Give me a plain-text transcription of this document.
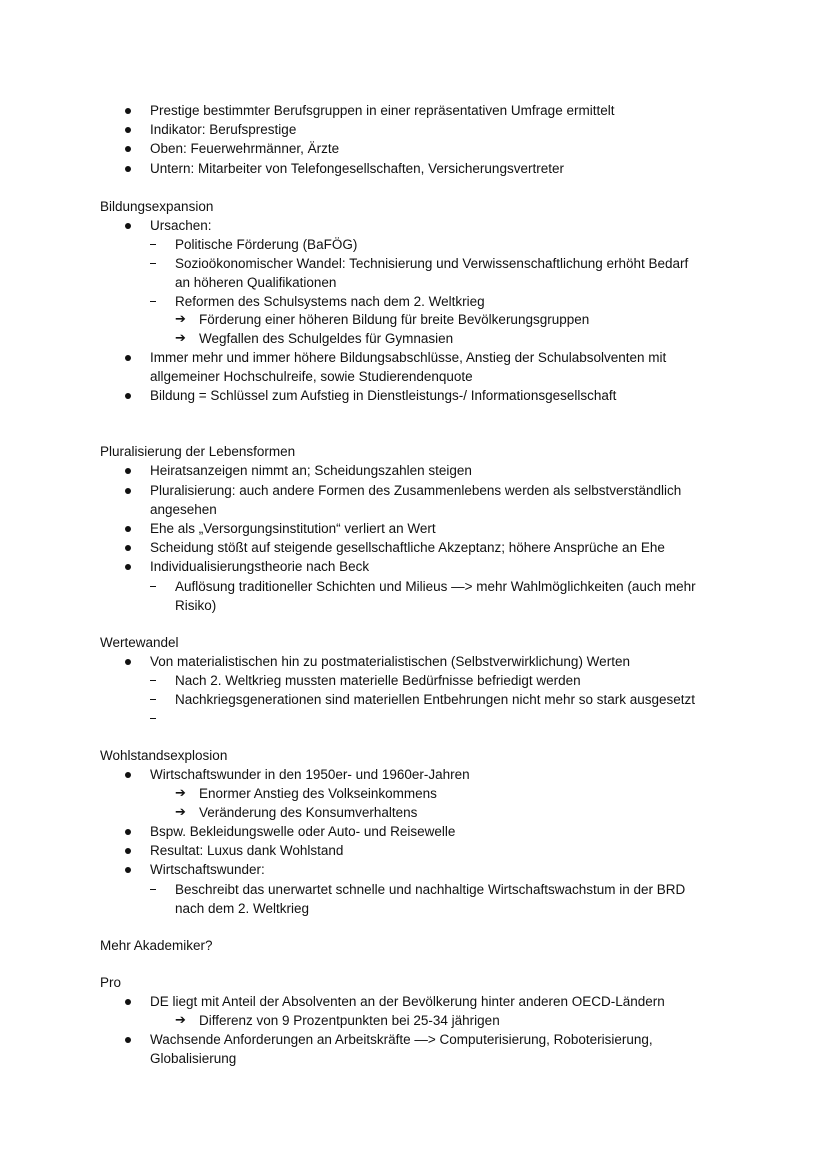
Prestige bestimmter Berufsgruppen in einer repräsentativen Umfrage ermittelt
Indikator: Berufsprestige
Oben: Feuerwehrmänner, Ärzte
Untern: Mitarbeiter von Telefongesellschaften, Versicherungsvertreter
Bildungsexpansion
Ursachen:
Politische Förderung (BaFÖG)
Sozioökonomischer Wandel: Technisierung und Verwissenschaftlichung erhöht Bedarf
an höheren Qualifikationen
Reformen des Schulsystems nach dem 2. Weltkrieg
➔ Förderung einer höheren Bildung für breite Bevölkerungsgruppen
➔ Wegfallen des Schulgeldes für Gymnasien
Immer mehr und immer höhere Bildungsabschlüsse, Anstieg der Schulabsolventen mit
allgemeiner Hochschulreife, sowie Studierendenquote
Bildung = Schlüssel zum Aufstieg in Dienstleistungs-/ Informationsgesellschaft
Pluralisierung der Lebensformen
Heiratsanzeigen nimmt an; Scheidungszahlen steigen
Pluralisierung: auch andere Formen des Zusammenlebens werden als selbstverständlich
angesehen
Ehe als „Versorgungsinstitution“ verliert an Wert
Scheidung stößt auf steigende gesellschaftliche Akzeptanz; höhere Ansprüche an Ehe
Individualisierungstheorie nach Beck
Auflösung traditioneller Schichten und Milieus —> mehr Wahlmöglichkeiten (auch mehr
Risiko)
Wertewandel
Von materialistischen hin zu postmaterialistischen (Selbstverwirklichung) Werten
Nach 2. Weltkrieg mussten materielle Bedürfnisse befriedigt werden
Nachkriegsgenerationen sind materiellen Entbehrungen nicht mehr so stark ausgesetzt
Wohlstandsexplosion
Wirtschaftswunder in den 1950er- und 1960er-Jahren
➔ Enormer Anstieg des Volkseinkommens
➔ Veränderung des Konsumverhaltens
Bspw. Bekleidungswelle oder Auto- und Reisewelle
Resultat: Luxus dank Wohlstand
Wirtschaftswunder:
Beschreibt das unerwartet schnelle und nachhaltige Wirtschaftswachstum in der BRD
nach dem 2. Weltkrieg
Mehr Akademiker?
Pro
DE liegt mit Anteil der Absolventen an der Bevölkerung hinter anderen OECD-Ländern
➔ Differenz von 9 Prozentpunkten bei 25-34 jährigen
Wachsende Anforderungen an Arbeitskräfte —> Computerisierung, Roboterisierung,
Globalisierung
